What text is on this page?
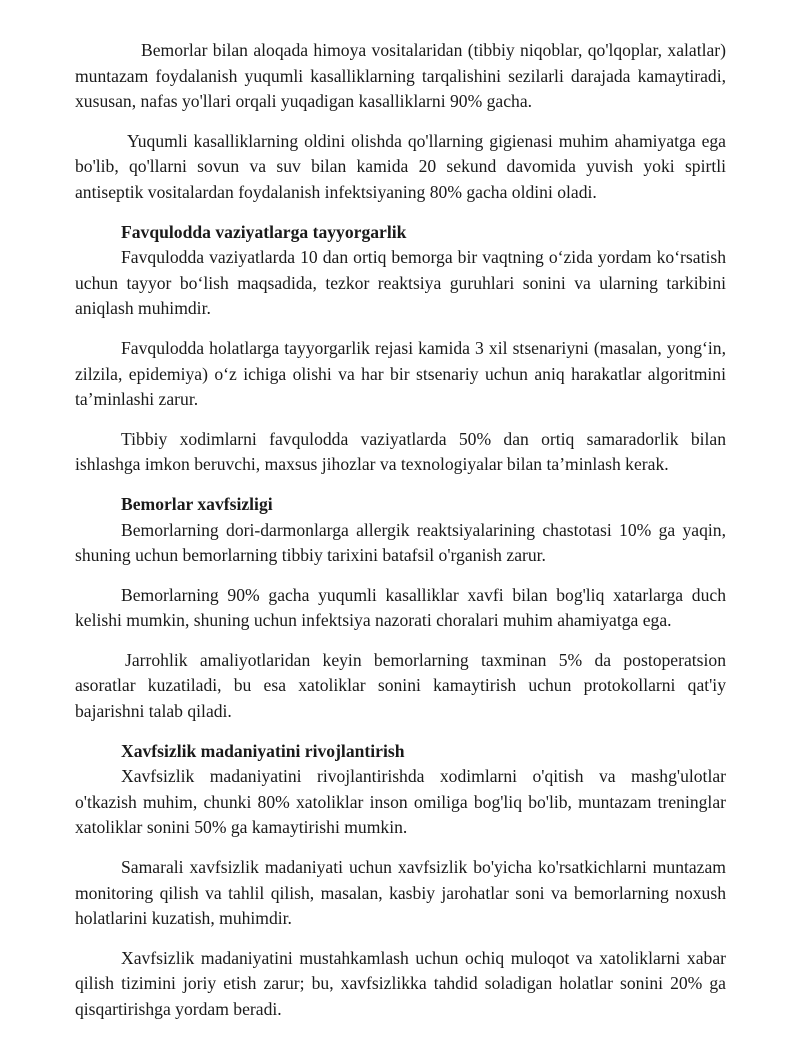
Bemorlar bilan aloqada himoya vositalaridan (tibbiy niqoblar, qo'lqoplar, xalatlar) muntazam foydalanish yuqumli kasalliklarning tarqalishini sezilarli darajada kamaytiradi, xususan, nafas yo'llari orqali yuqadigan kasalliklarni 90% gacha.

Yuqumli kasalliklarning oldini olishda qo'llarning gigienasi muhim ahamiyatga ega bo'lib, qo'llarni sovun va suv bilan kamida 20 sekund davomida yuvish yoki spirtli antiseptik vositalardan foydalanish infektsiyaning 80% gacha oldini oladi.

Favqulodda vaziyatlarga tayyorgarlik

Favqulodda vaziyatlarda 10 dan ortiq bemorga bir vaqtning o‘zida yordam ko‘rsatish uchun tayyor bo‘lish maqsadida, tezkor reaktsiya guruhlari sonini va ularning tarkibini aniqlash muhimdir.

Favqulodda holatlarga tayyorgarlik rejasi kamida 3 xil stsenariyni (masalan, yong‘in, zilzila, epidemiya) o‘z ichiga olishi va har bir stsenariy uchun aniq harakatlar algoritmini ta’minlashi zarur.

Tibbiy xodimlarni favqulodda vaziyatlarda 50% dan ortiq samaradorlik bilan ishlashga imkon beruvchi, maxsus jihozlar va texnologiyalar bilan ta’minlash kerak.

Bemorlar xavfsizligi

Bemorlarning dori-darmonlarga allergik reaktsiyalarining chastotasi 10% ga yaqin, shuning uchun bemorlarning tibbiy tarixini batafsil o'rganish zarur.

Bemorlarning 90% gacha yuqumli kasalliklar xavfi bilan bog'liq xatarlarga duch kelishi mumkin, shuning uchun infektsiya nazorati choralari muhim ahamiyatga ega.

Jarrohlik amaliyotlaridan keyin bemorlarning taxminan 5% da postoperatsion asoratlar kuzatiladi, bu esa xatoliklar sonini kamaytirish uchun protokollarni qat'iy bajarishni talab qiladi.

Xavfsizlik madaniyatini rivojlantirish

Xavfsizlik madaniyatini rivojlantirishda xodimlarni o'qitish va mashg'ulotlar o'tkazish muhim, chunki 80% xatoliklar inson omiliga bog'liq bo'lib, muntazam treninglar xatoliklar sonini 50% ga kamaytirishi mumkin.

Samarali xavfsizlik madaniyati uchun xavfsizlik bo'yicha ko'rsatkichlarni muntazam monitoring qilish va tahlil qilish, masalan, kasbiy jarohatlar soni va bemorlarning noxush holatlarini kuzatish, muhimdir.

Xavfsizlik madaniyatini mustahkamlash uchun ochiq muloqot va xatoliklarni xabar qilish tizimini joriy etish zarur; bu, xavfsizlikka tahdid soladigan holatlar sonini 20% ga qisqartirishga yordam beradi.
